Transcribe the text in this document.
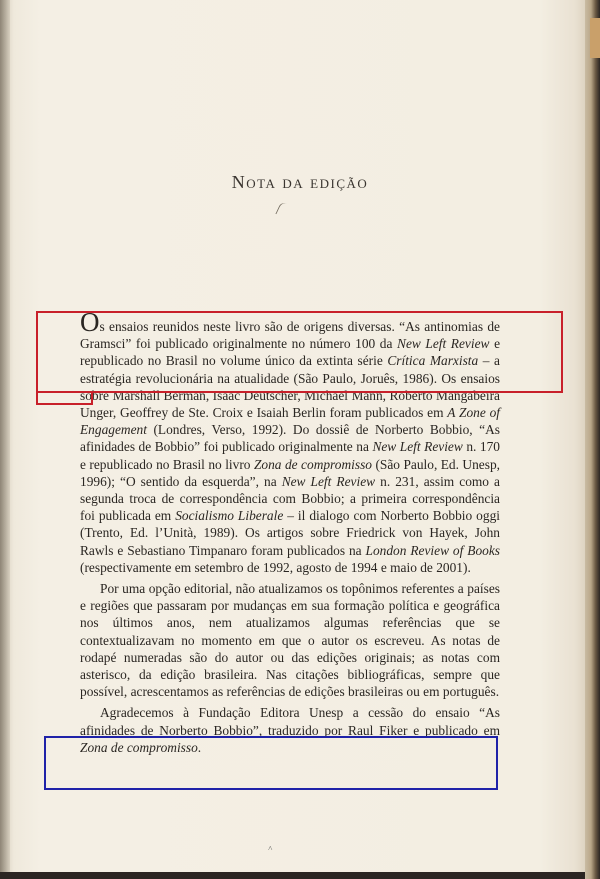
Nota da edição

Os ensaios reunidos neste livro são de origens diversas. “As antinomias de Gramsci” foi publicado originalmente no número 100 da New Left Review e republicado no Brasil no volume único da extinta série Crítica Marxista – a estratégia revolucionária na atualidade (São Paulo, Joruês, 1986). Os ensaios sobre Marshall Berman, Isaac Deutscher, Michael Mann, Roberto Mangabeira Unger, Geoffrey de Ste. Croix e Isaiah Berlin foram publicados em A Zone of Engagement (Londres, Verso, 1992). Do dossiê de Norberto Bobbio, “As afinidades de Bobbio” foi publicado originalmente na New Left Review n. 170 e republicado no Brasil no livro Zona de compromisso (São Paulo, Ed. Unesp, 1996); “O sentido da esquerda”, na New Left Review n. 231, assim como a segunda troca de correspondência com Bobbio; a primeira correspondência foi publicada em Socialismo Liberale – il dialogo com Norberto Bobbio oggi (Trento, Ed. l’Unità, 1989). Os artigos sobre Friedrick von Hayek, John Rawls e Sebastiano Timpanaro foram publicados na London Review of Books (respectivamente em setembro de 1992, agosto de 1994 e maio de 2001).

Por uma opção editorial, não atualizamos os topônimos referentes a países e regiões que passaram por mudanças em sua formação política e geográfica nos últimos anos, nem atualizamos algumas referências que se contextualizavam no momento em que o autor os escreveu. As notas de rodapé numeradas são do autor ou das edições originais; as notas com asterisco, da edição brasileira. Nas citações bibliográficas, sempre que possível, acrescentamos as referências de edições brasileiras ou em português.

Agradecemos à Fundação Editora Unesp a cessão do ensaio “As afinidades de Norberto Bobbio”, traduzido por Raul Fiker e publicado em Zona de compromisso.

˄
